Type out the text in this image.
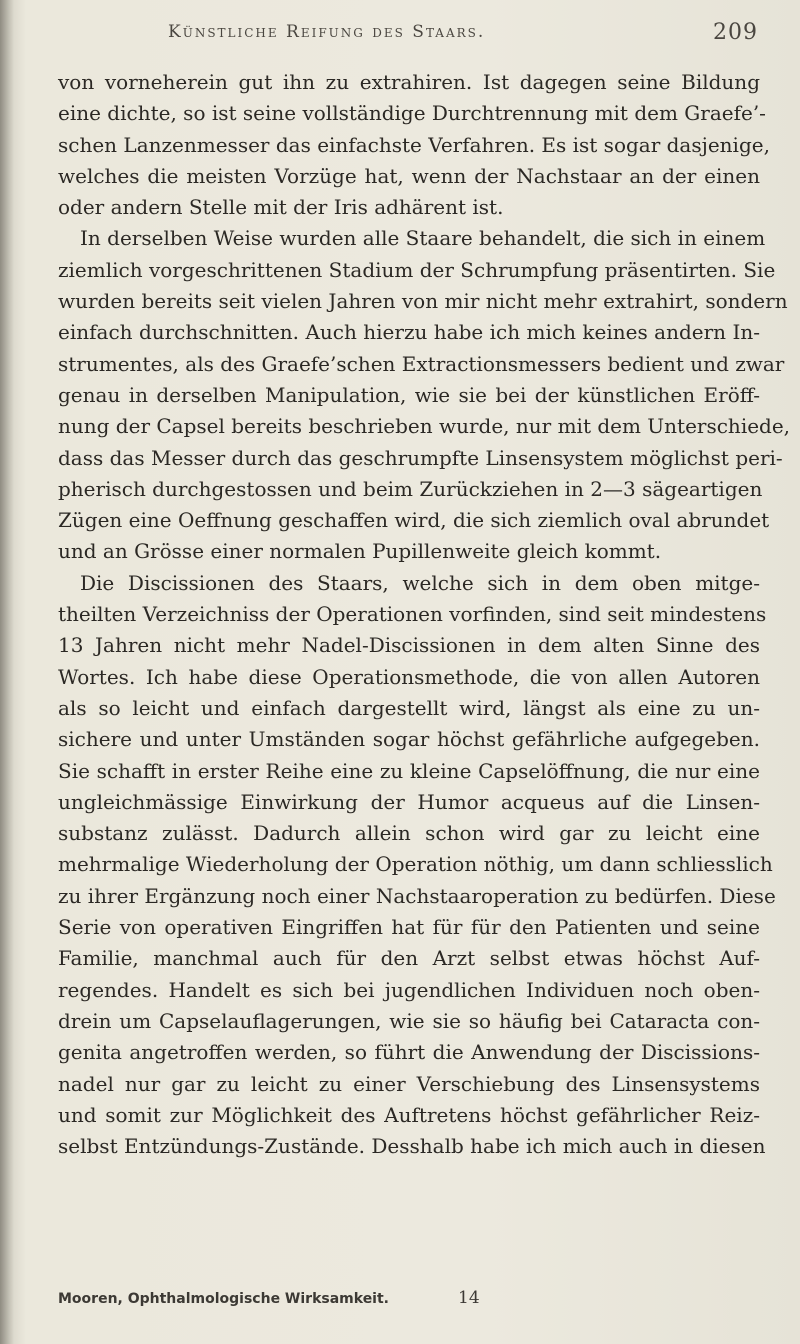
Künstliche Reifung des Staars.	209
von vorneherein gut ihn zu extrahiren. Ist dagegen seine Bildung
eine dichte, so ist seine vollständige Durchtrennung mit dem Graefe’-
schen Lanzenmesser das einfachste Verfahren. Es ist sogar dasjenige,
welches die meisten Vorzüge hat, wenn der Nachstaar an der einen
oder andern Stelle mit der Iris adhärent ist.
In derselben Weise wurden alle Staare behandelt, die sich in einem
ziemlich vorgeschrittenen Stadium der Schrumpfung präsentirten. Sie
wurden bereits seit vielen Jahren von mir nicht mehr extrahirt, sondern
einfach durchschnitten. Auch hierzu habe ich mich keines andern In-
strumentes, als des Graefe’schen Extractionsmessers bedient und zwar
genau in derselben Manipulation, wie sie bei der künstlichen Eröff-
nung der Capsel bereits beschrieben wurde, nur mit dem Unterschiede,
dass das Messer durch das geschrumpfte Linsensystem möglichst peri-
pherisch durchgestossen und beim Zurückziehen in 2—3 sägeartigen
Zügen eine Oeffnung geschaffen wird, die sich ziemlich oval abrundet
und an Grösse einer normalen Pupillenweite gleich kommt.
Die Discissionen des Staars, welche sich in dem oben mitge-
theilten Verzeichniss der Operationen vorfinden, sind seit mindestens
13 Jahren nicht mehr Nadel-Discissionen in dem alten Sinne des
Wortes. Ich habe diese Operationsmethode, die von allen Autoren
als so leicht und einfach dargestellt wird, längst als eine zu un-
sichere und unter Umständen sogar höchst gefährliche aufgegeben.
Sie schafft in erster Reihe eine zu kleine Capselöffnung, die nur eine
ungleichmässige Einwirkung der Humor acqueus auf die Linsen-
substanz zulässt. Dadurch allein schon wird gar zu leicht eine
mehrmalige Wiederholung der Operation nöthig, um dann schliesslich
zu ihrer Ergänzung noch einer Nachstaaroperation zu bedürfen. Diese
Serie von operativen Eingriffen hat für für den Patienten und seine
Familie, manchmal auch für den Arzt selbst etwas höchst Auf-
regendes. Handelt es sich bei jugendlichen Individuen noch oben-
drein um Capselauflagerungen, wie sie so häufig bei Cataracta con-
genita angetroffen werden, so führt die Anwendung der Discissions-
nadel nur gar zu leicht zu einer Verschiebung des Linsensystems
und somit zur Möglichkeit des Auftretens höchst gefährlicher Reiz-
selbst Entzündungs-Zustände. Desshalb habe ich mich auch in diesen
Mooren, Ophthalmologische Wirksamkeit.	14
